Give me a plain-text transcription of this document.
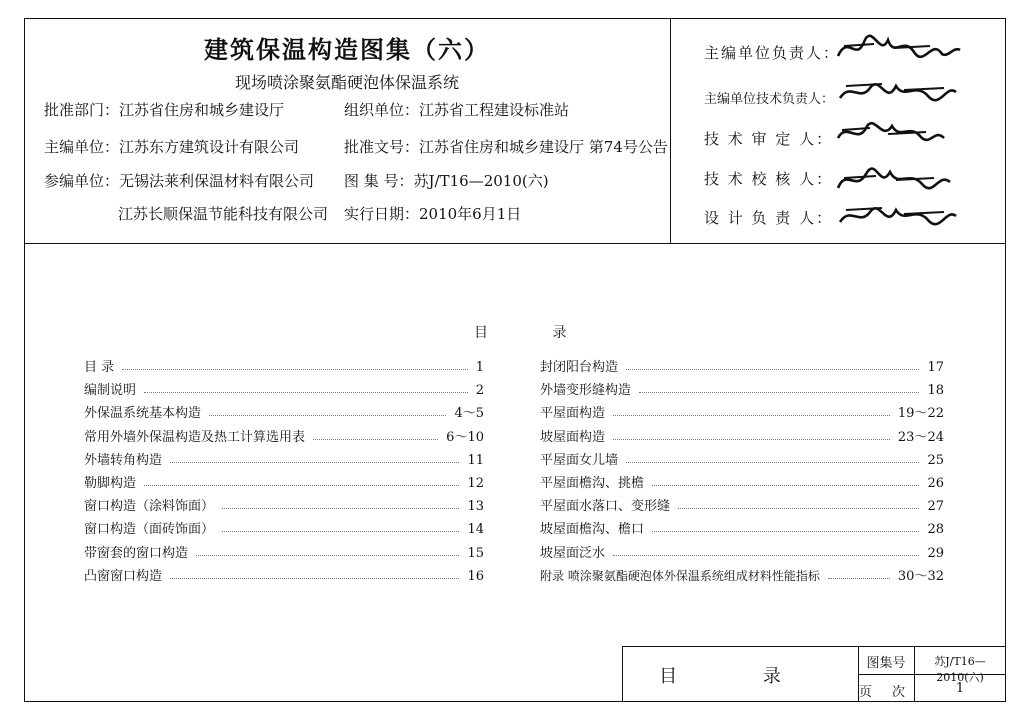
建筑保温构造图集（六）
现场喷涂聚氨酯硬泡体保温系统
批准部门：江苏省住房和城乡建设厅
主编单位：江苏东方建筑设计有限公司
参编单位：无锡法莱利保温材料有限公司
江苏长顺保温节能科技有限公司
组织单位：江苏省工程建设标准站
批准文号：江苏省住房和城乡建设厅 第74号公告
图 集 号：苏J/T16—2010(六)
实行日期：2010年6月1日
主编单位负责人：
主编单位技术负责人：
技 术 审 定 人：
技 术 校 核 人：
设 计 负 责 人：
目 录
目 录	1
编制说明	2
外保温系统基本构造	4～5
常用外墙外保温构造及热工计算选用表	6～10
外墙转角构造	11
勒脚构造	12
窗口构造（涂料饰面）	13
窗口构造（面砖饰面）	14
带窗套的窗口构造	15
凸窗窗口构造	16
封闭阳台构造	17
外墙变形缝构造	18
平屋面构造	19～22
坡屋面构造	23～24
平屋面女儿墙	25
平屋面檐沟、挑檐	26
平屋面水落口、变形缝	27
坡屋面檐沟、檐口	28
坡屋面泛水	29
附录 喷涂聚氨酯硬泡体外保温系统组成材料性能指标	30～32
目 录
图集号	苏J/T16—2010(六)
页 次	1
